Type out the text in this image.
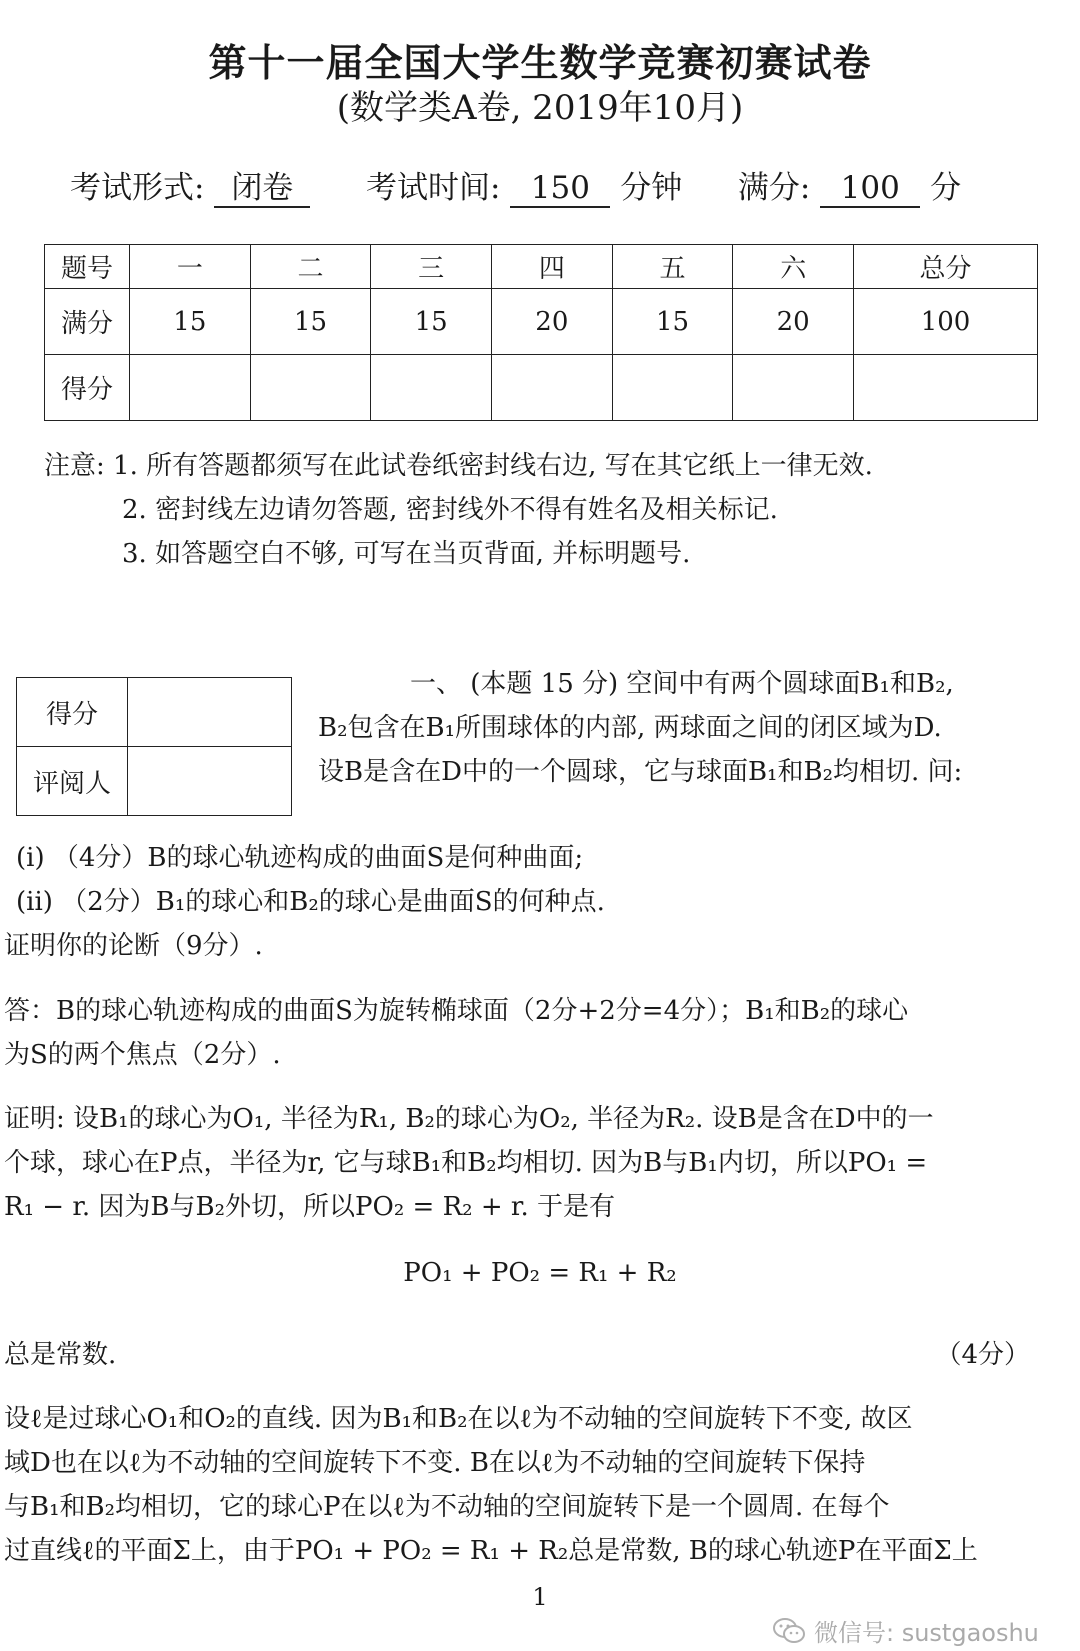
第十一届全国大学生数学竞赛初赛试卷
(数学类A卷, 2019年10月)
考试形式: 闭卷 考试时间: 150 分钟 满分: 100 分
题号	一	二	三	四	五	六	总分
满分	15	15	15	20	15	20	100
得分							
注意: 1. 所有答题都须写在此试卷纸密封线右边, 写在其它纸上一律无效.
2. 密封线左边请勿答题, 密封线外不得有姓名及相关标记.
3. 如答题空白不够, 可写在当页背面, 并标明题号.
得分	
评阅人	
一、 (本题 15 分) 空间中有两个圆球面B₁和B₂,
B₂包含在B₁所围球体的内部, 两球面之间的闭区域为D.
设B是含在D中的一个圆球，它与球面B₁和B₂均相切. 问:
(i) （4分）B的球心轨迹构成的曲面S是何种曲面;
(ii) （2分）B₁的球心和B₂的球心是曲面S的何种点.
证明你的论断（9分）.
答：B的球心轨迹构成的曲面S为旋转椭球面（2分+2分=4分）；B₁和B₂的球心
为S的两个焦点（2分）.
证明: 设B₁的球心为O₁, 半径为R₁, B₂的球心为O₂, 半径为R₂. 设B是含在D中的一
个球，球心在P点，半径为r, 它与球B₁和B₂均相切. 因为B与B₁内切，所以PO₁ =
R₁ − r. 因为B与B₂外切，所以PO₂ = R₂ + r. 于是有
PO₁ + PO₂ = R₁ + R₂
总是常数.	（4分）
设ℓ是过球心O₁和O₂的直线. 因为B₁和B₂在以ℓ为不动轴的空间旋转下不变, 故区
域D也在以ℓ为不动轴的空间旋转下不变. B在以ℓ为不动轴的空间旋转下保持
与B₁和B₂均相切，它的球心P在以ℓ为不动轴的空间旋转下是一个圆周. 在每个
过直线ℓ的平面Σ上，由于PO₁ + PO₂ = R₁ + R₂总是常数, B的球心轨迹P在平面Σ上
1
微信号: sustgaoshu
